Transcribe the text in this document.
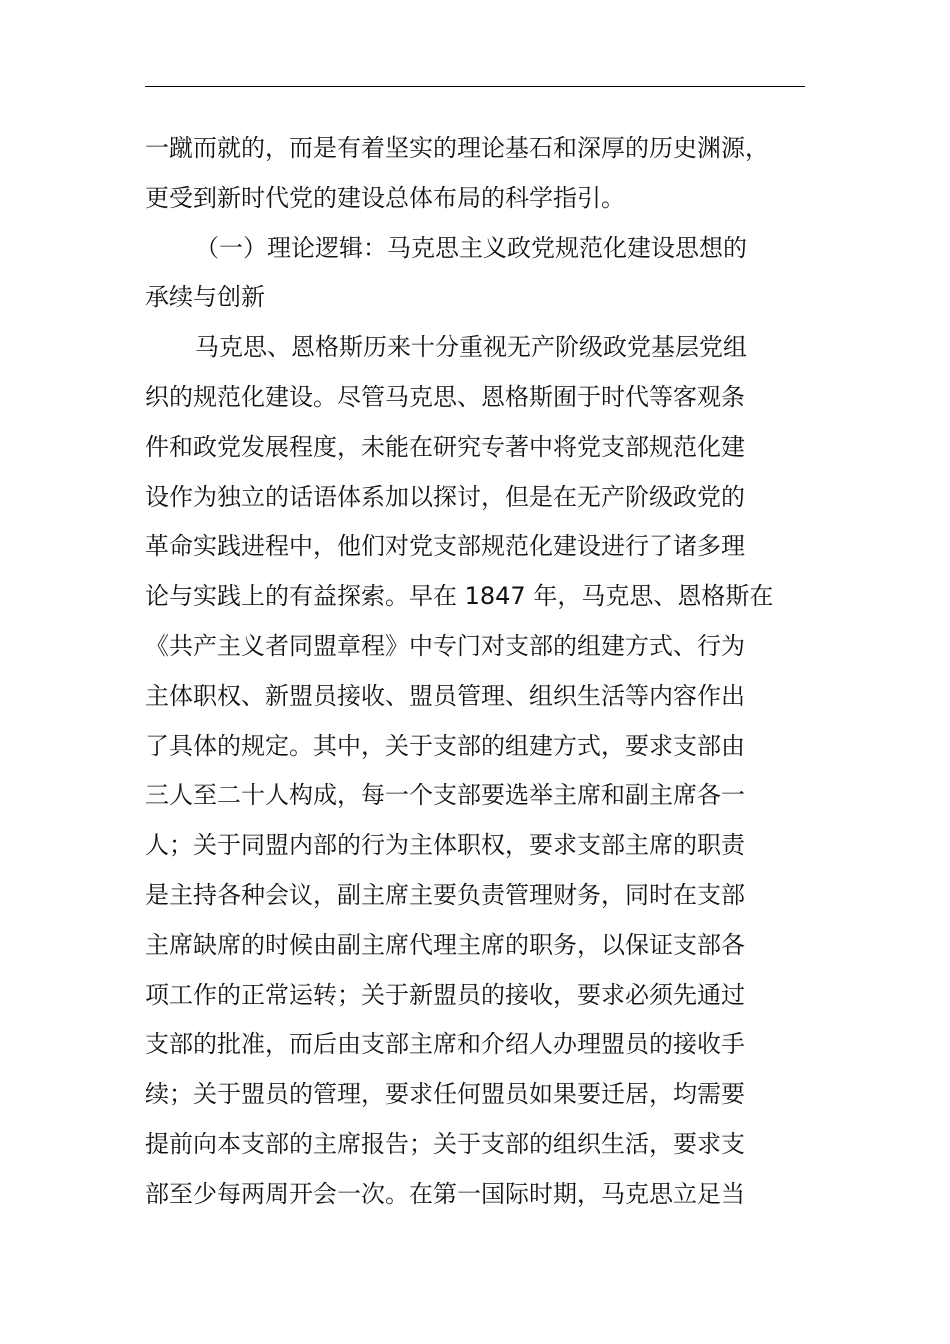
一蹴而就的，而是有着坚实的理论基石和深厚的历史渊源，
更受到新时代党的建设总体布局的科学指引。
（一）理论逻辑：马克思主义政党规范化建设思想的
承续与创新
马克思、恩格斯历来十分重视无产阶级政党基层党组
织的规范化建设。尽管马克思、恩格斯囿于时代等客观条
件和政党发展程度，未能在研究专著中将党支部规范化建
设作为独立的话语体系加以探讨，但是在无产阶级政党的
革命实践进程中，他们对党支部规范化建设进行了诸多理
论与实践上的有益探索。早在 1847 年，马克思、恩格斯在
《共产主义者同盟章程》中专门对支部的组建方式、行为
主体职权、新盟员接收、盟员管理、组织生活等内容作出
了具体的规定。其中，关于支部的组建方式，要求支部由
三人至二十人构成，每一个支部要选举主席和副主席各一
人；关于同盟内部的行为主体职权，要求支部主席的职责
是主持各种会议，副主席主要负责管理财务，同时在支部
主席缺席的时候由副主席代理主席的职务，以保证支部各
项工作的正常运转；关于新盟员的接收，要求必须先通过
支部的批准，而后由支部主席和介绍人办理盟员的接收手
续；关于盟员的管理，要求任何盟员如果要迁居，均需要
提前向本支部的主席报告；关于支部的组织生活，要求支
部至少每两周开会一次。在第一国际时期，马克思立足当
